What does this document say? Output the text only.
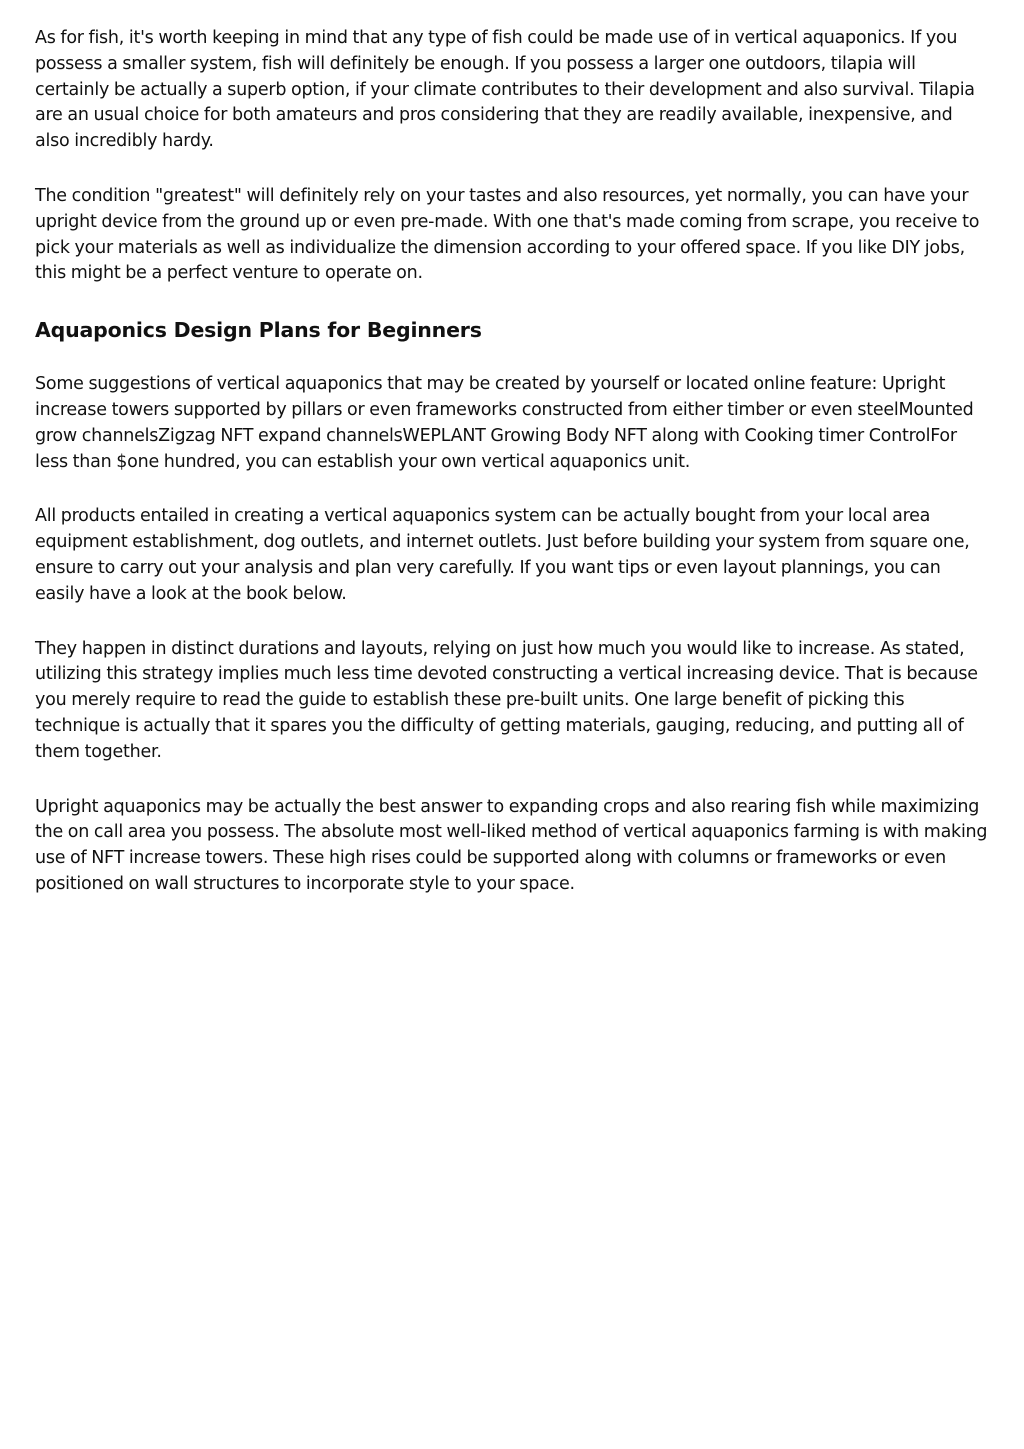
As for fish, it's worth keeping in mind that any type of fish could be made use of in vertical aquaponics. If you possess a smaller system, fish will definitely be enough. If you possess a larger one outdoors, tilapia will certainly be actually a superb option, if your climate contributes to their development and also survival. Tilapia are an usual choice for both amateurs and pros considering that they are readily available, inexpensive, and also incredibly hardy.

The condition "greatest" will definitely rely on your tastes and also resources, yet normally, you can have your upright device from the ground up or even pre-made. With one that's made coming from scrape, you receive to pick your materials as well as individualize the dimension according to your offered space. If you like DIY jobs, this might be a perfect venture to operate on.

Aquaponics Design Plans for Beginners

Some suggestions of vertical aquaponics that may be created by yourself or located online feature: Upright increase towers supported by pillars or even frameworks constructed from either timber or even steelMounted grow channelsZigzag NFT expand channelsWEPLANT Growing Body NFT along with Cooking timer ControlFor less than $one hundred, you can establish your own vertical aquaponics unit.

All products entailed in creating a vertical aquaponics system can be actually bought from your local area equipment establishment, dog outlets, and internet outlets. Just before building your system from square one, ensure to carry out your analysis and plan very carefully. If you want tips or even layout plannings, you can easily have a look at the book below.

They happen in distinct durations and layouts, relying on just how much you would like to increase. As stated, utilizing this strategy implies much less time devoted constructing a vertical increasing device. That is because you merely require to read the guide to establish these pre-built units. One large benefit of picking this technique is actually that it spares you the difficulty of getting materials, gauging, reducing, and putting all of them together.

Upright aquaponics may be actually the best answer to expanding crops and also rearing fish while maximizing the on call area you possess. The absolute most well-liked method of vertical aquaponics farming is with making use of NFT increase towers. These high rises could be supported along with columns or frameworks or even positioned on wall structures to incorporate style to your space.
